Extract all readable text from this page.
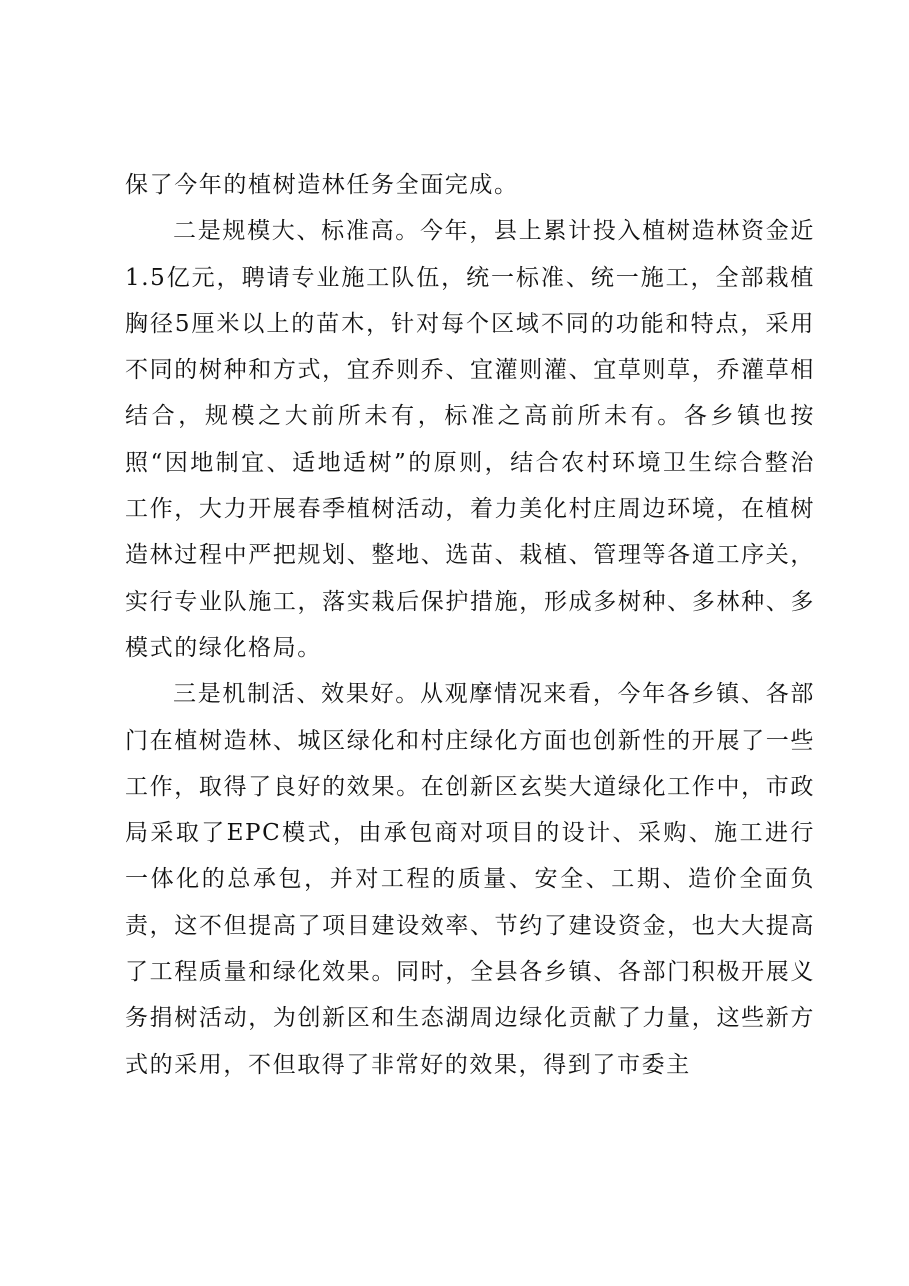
保了今年的植树造林任务全面完成。

二是规模大、标准高。今年，县上累计投入植树造林资金近1.5亿元，聘请专业施工队伍，统一标准、统一施工，全部栽植胸径5厘米以上的苗木，针对每个区域不同的功能和特点，采用不同的树种和方式，宜乔则乔、宜灌则灌、宜草则草，乔灌草相结合，规模之大前所未有，标准之高前所未有。各乡镇也按照“因地制宜、适地适树”的原则，结合农村环境卫生综合整治工作，大力开展春季植树活动，着力美化村庄周边环境，在植树造林过程中严把规划、整地、选苗、栽植、管理等各道工序关，实行专业队施工，落实栽后保护措施，形成多树种、多林种、多模式的绿化格局。

三是机制活、效果好。从观摩情况来看，今年各乡镇、各部门在植树造林、城区绿化和村庄绿化方面也创新性的开展了一些工作，取得了良好的效果。在创新区玄奘大道绿化工作中，市政局采取了EPC模式，由承包商对项目的设计、采购、施工进行一体化的总承包，并对工程的质量、安全、工期、造价全面负责，这不但提高了项目建设效率、节约了建设资金，也大大提高了工程质量和绿化效果。同时，全县各乡镇、各部门积极开展义务捐树活动，为创新区和生态湖周边绿化贡献了力量，这些新方式的采用，不但取得了非常好的效果，得到了市委主
